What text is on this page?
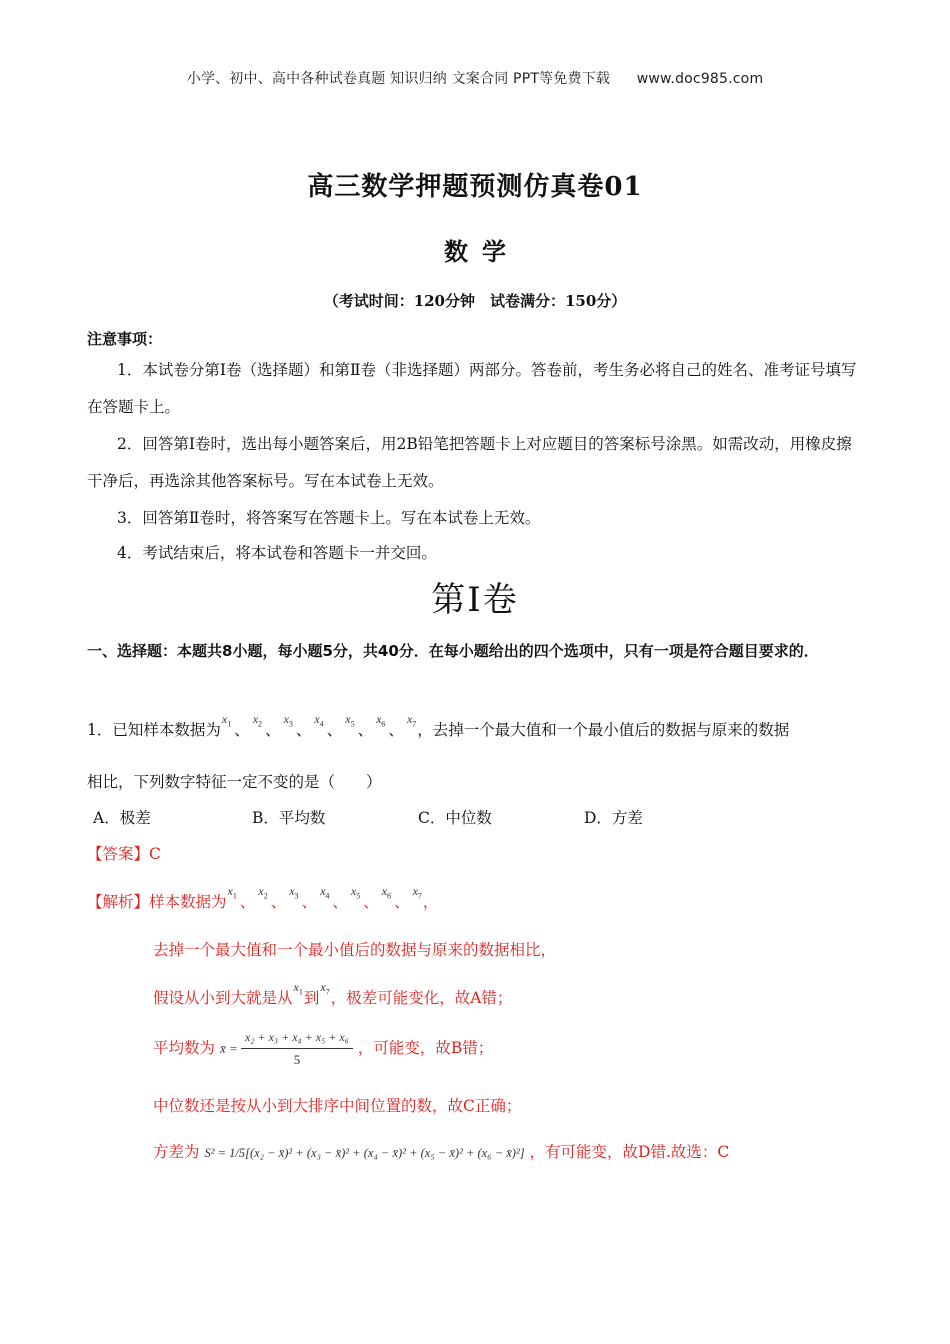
小学、初中、高中各种试卷真题 知识归纳 文案合同 PPT等免费下载 www.doc985.com
高三数学押题预测仿真卷01
数学
（考试时间：120分钟　试卷满分：150分）
注意事项：
1．本试卷分第Ⅰ卷（选择题）和第Ⅱ卷（非选择题）两部分。答卷前，考生务必将自己的姓名、准考证号填写在答题卡上。
2．回答第Ⅰ卷时，选出每小题答案后，用2B铅笔把答题卡上对应题目的答案标号涂黑。如需改动，用橡皮擦干净后，再选涂其他答案标号。写在本试卷上无效。
3．回答第Ⅱ卷时，将答案写在答题卡上。写在本试卷上无效。
4．考试结束后，将本试卷和答题卡一并交回。
第Ⅰ卷
一、选择题：本题共8小题，每小题5分，共40分．在每小题给出的四个选项中，只有一项是符合题目要求的．
1．已知样本数据为$x_1$ 、$x_2$ 、$x_3$ 、$x_4$ 、$x_5$ 、$x_6$ 、$x_7$，去掉一个最大值和一个最小值后的数据与原来的数据
相比，下列数字特征一定不变的是（　　）
A．极差	B．平均数	C．中位数	D．方差
【答案】C
【解析】样本数据为$x_1$ 、$x_2$ 、$x_3$ 、$x_4$ 、$x_5$ 、$x_6$ 、$x_7$，
去掉一个最大值和一个最小值后的数据与原来的数据相比，
假设从小到大就是从$x_1$到$x_7$，极差可能变化，故A错；
平均数为 x̄ = $\frac{\text{x₂ + x₃ + x₄ + x₅ + x₆}}{5}$ ，可能变，故B错；
中位数还是按从小到大排序中间位置的数，故C正确；
方差为 S² = 1/5[(x₂ − x̄)² + (x₃ − x̄)² + (x₄ − x̄)² + (x₅ − x̄)² + (x₆ − x̄)²] ，有可能变，故D错.故选：C
